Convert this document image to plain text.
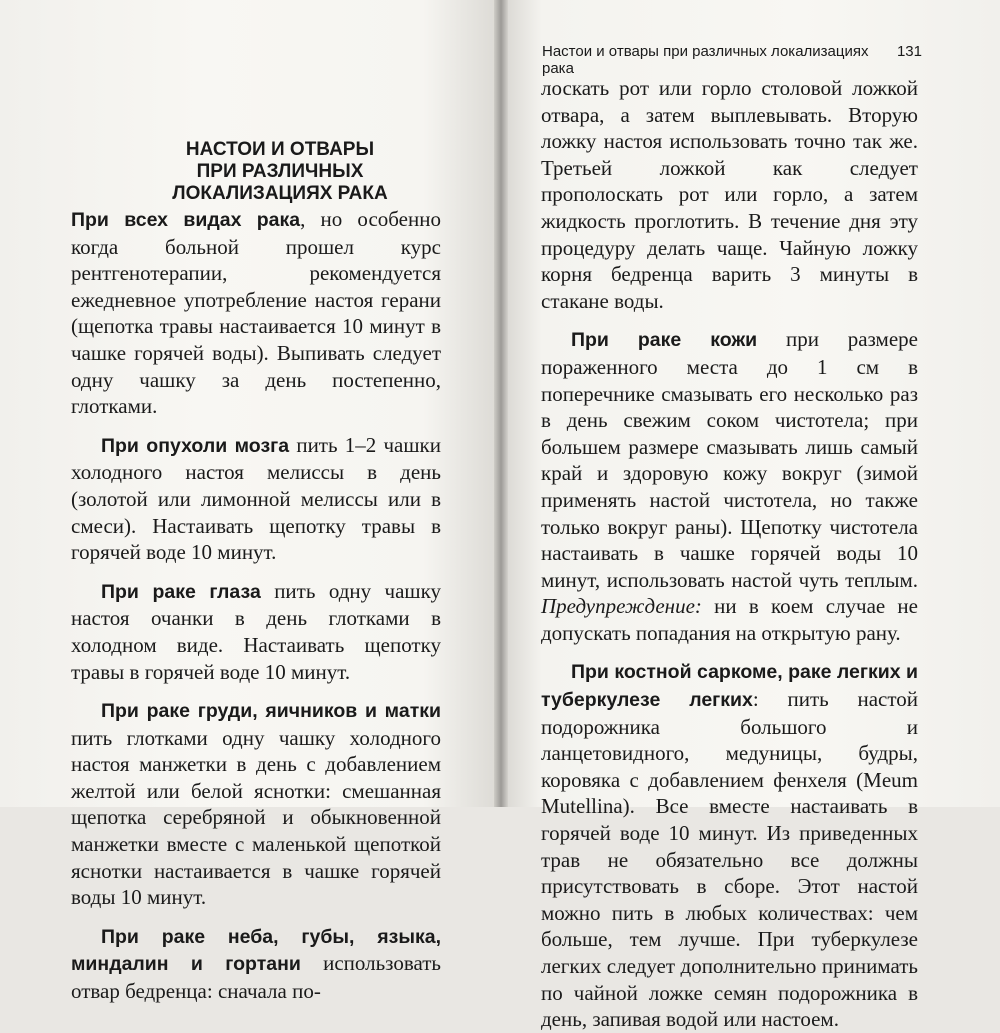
НАСТОИ И ОТВАРЫ
ПРИ РАЗЛИЧНЫХ
ЛОКАЛИЗАЦИЯХ РАКА

При всех видах рака, но особенно когда больной прошел курс рентгенотерапии, рекомендуется ежедневное употребление настоя герани (щепотка травы настаивается 10 минут в чашке горячей воды). Выпивать следует одну чашку за день постепенно, глотками.

При опухоли мозга пить 1–2 чашки холодного настоя мелиссы в день (золотой или лимонной мелиссы или в смеси). Настаивать щепотку травы в горячей воде 10 минут.

При раке глаза пить одну чашку настоя очанки в день глотками в холодном виде. Настаивать щепотку травы в горячей воде 10 минут.

При раке груди, яичников и матки пить глотками одну чашку холодного настоя манжетки в день с добавлением желтой или белой яснотки: смешанная щепотка серебряной и обыкновенной манжетки вместе с маленькой щепоткой яснотки настаивается в чашке горячей воды 10 минут.

При раке неба, губы, языка, миндалин и гортани использовать отвар бедренца: сначала по-

Настои и отвары при различных локализациях рака
131

лоскать рот или горло столовой ложкой отвара, а затем выплевывать. Вторую ложку настоя использовать точно так же. Третьей ложкой как следует прополоскать рот или горло, а затем жидкость проглотить. В течение дня эту процедуру делать чаще. Чайную ложку корня бедренца варить 3 минуты в стакане воды.

При раке кожи при размере пораженного места до 1 см в поперечнике смазывать его несколько раз в день свежим соком чистотела; при большем размере смазывать лишь самый край и здоровую кожу вокруг (зимой применять настой чистотела, но также только вокруг раны). Щепотку чистотела настаивать в чашке горячей воды 10 минут, использовать настой чуть теплым. Предупреждение: ни в коем случае не допускать попадания на открытую рану.

При костной саркоме, раке легких и туберкулезе легких: пить настой подорожника большого и ланцетовидного, медуницы, будры, коровяка с добавлением фенхеля (Meum Mutellina). Все вместе настаивать в горячей воде 10 минут. Из приведенных трав не обязательно все должны присутствовать в сборе. Этот настой можно пить в любых количествах: чем больше, тем лучше. При туберкулезе легких следует дополнительно принимать по чайной ложке семян подорожника в день, запивая водой или настоем.
